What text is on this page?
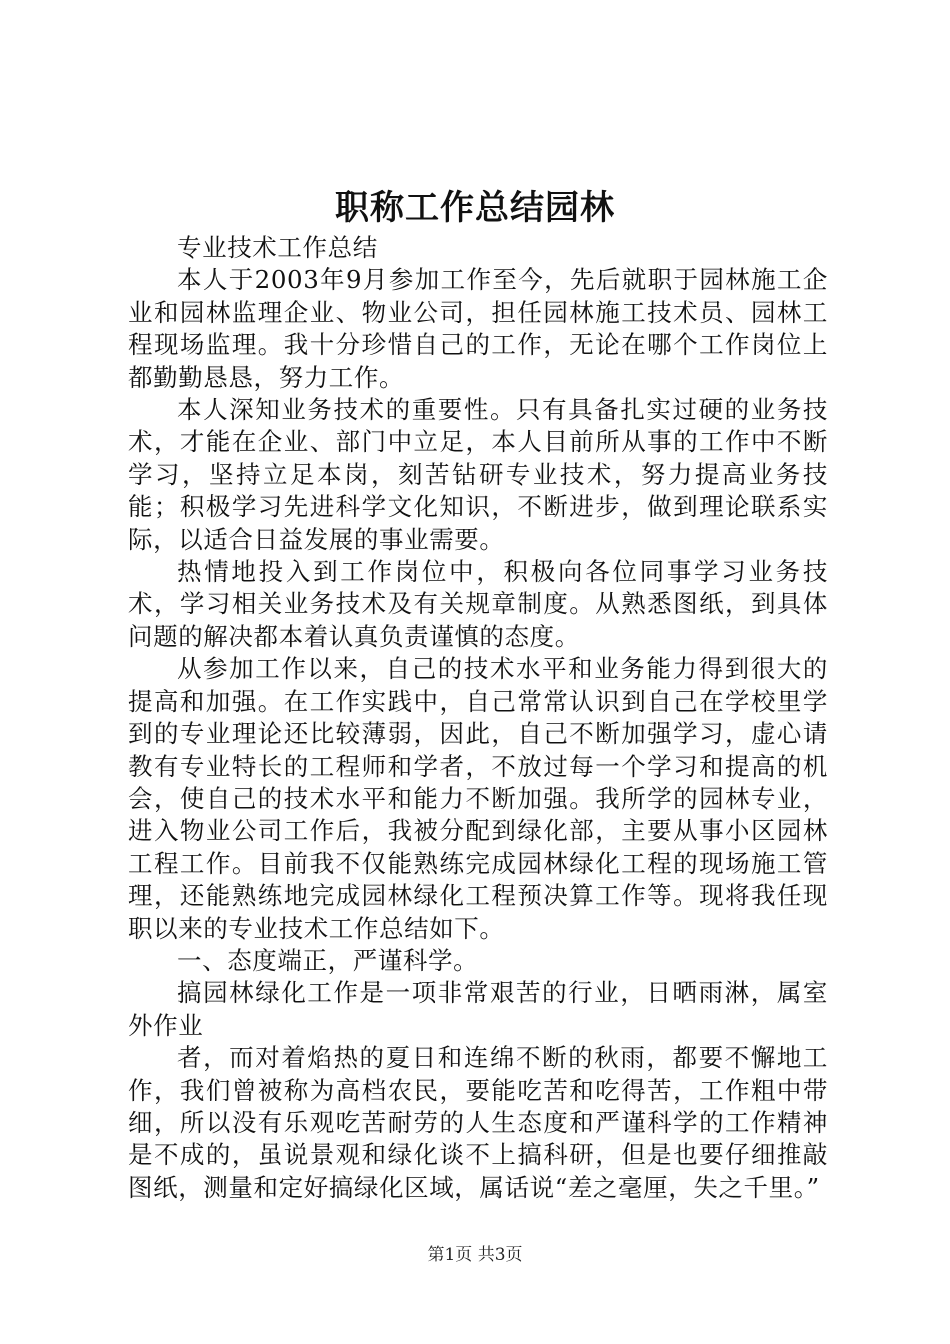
职称工作总结园林

专业技术工作总结

本人于2003年9月参加工作至今，先后就职于园林施工企业和园林监理企业、物业公司，担任园林施工技术员、园林工程现场监理。我十分珍惜自己的工作，无论在哪个工作岗位上都勤勤恳恳，努力工作。

本人深知业务技术的重要性。只有具备扎实过硬的业务技术，才能在企业、部门中立足，本人目前所从事的工作中不断学习，坚持立足本岗，刻苦钻研专业技术，努力提高业务技能；积极学习先进科学文化知识，不断进步，做到理论联系实际，以适合日益发展的事业需要。

热情地投入到工作岗位中，积极向各位同事学习业务技术，学习相关业务技术及有关规章制度。从熟悉图纸，到具体问题的解决都本着认真负责谨慎的态度。

从参加工作以来，自己的技术水平和业务能力得到很大的提高和加强。在工作实践中，自己常常认识到自己在学校里学到的专业理论还比较薄弱，因此，自己不断加强学习，虚心请教有专业特长的工程师和学者，不放过每一个学习和提高的机会，使自己的技术水平和能力不断加强。我所学的园林专业，进入物业公司工作后，我被分配到绿化部，主要从事小区园林工程工作。目前我不仅能熟练完成园林绿化工程的现场施工管理，还能熟练地完成园林绿化工程预决算工作等。现将我任现职以来的专业技术工作总结如下。

一、态度端正，严谨科学。

搞园林绿化工作是一项非常艰苦的行业，日晒雨淋，属室外作业

者，而对着焰热的夏日和连绵不断的秋雨，都要不懈地工作，我们曾被称为高档农民，要能吃苦和吃得苦，工作粗中带细，所以没有乐观吃苦耐劳的人生态度和严谨科学的工作精神是不成的，虽说景观和绿化谈不上搞科研，但是也要仔细推敲图纸，测量和定好搞绿化区域，属话说“差之毫厘，失之千里。”

第1页 共3页
